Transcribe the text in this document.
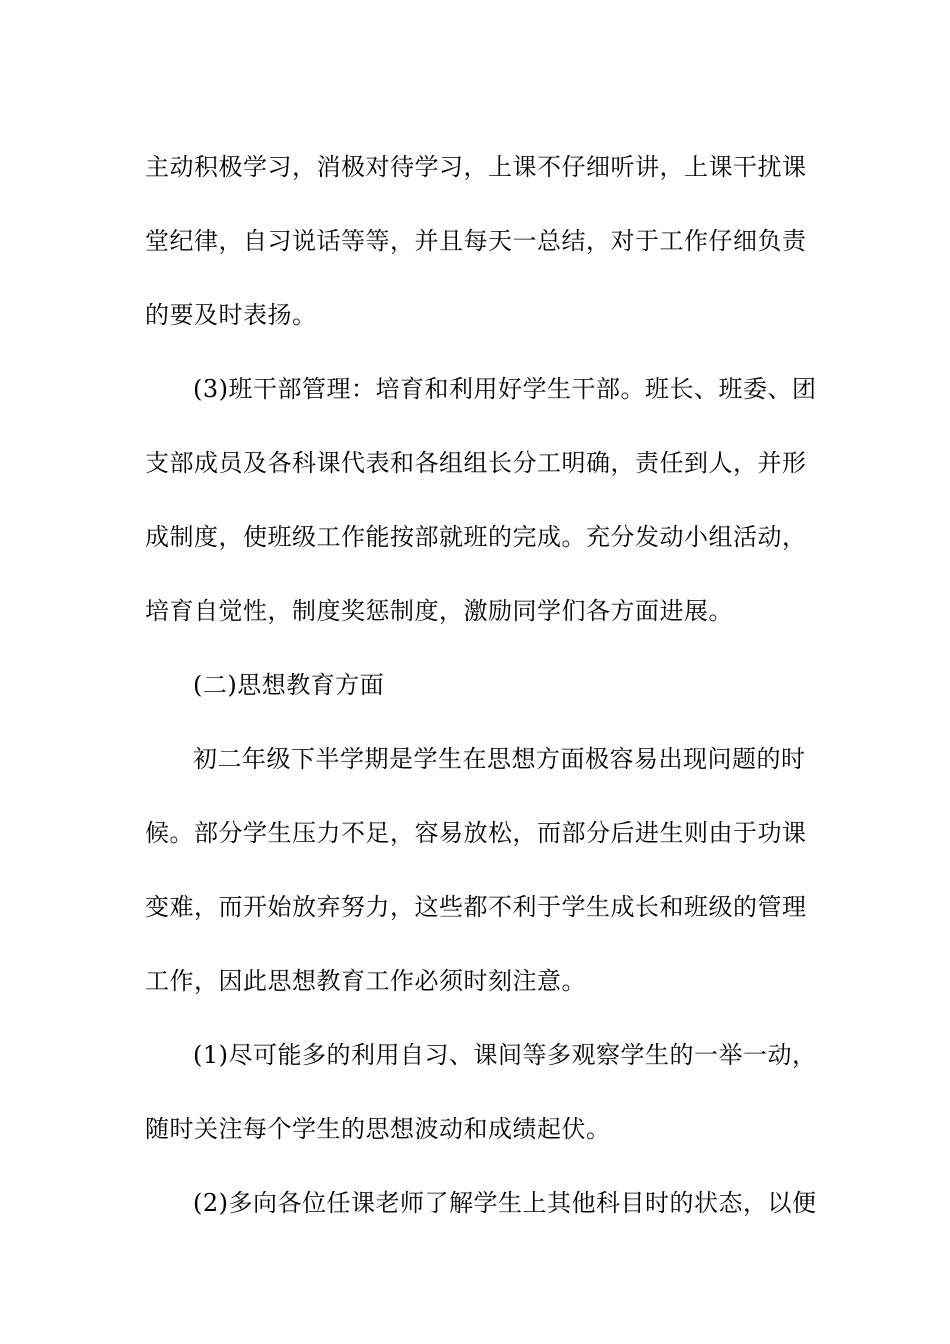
主动积极学习，消极对待学习，上课不仔细听讲，上课干扰课
堂纪律，自习说话等等，并且每天一总结，对于工作仔细负责
的要及时表扬。
(3)班干部管理：培育和利用好学生干部。班长、班委、团
支部成员及各科课代表和各组组长分工明确，责任到人，并形
成制度，使班级工作能按部就班的完成。充分发动小组活动，
培育自觉性，制度奖惩制度，激励同学们各方面进展。
(二)思想教育方面
初二年级下半学期是学生在思想方面极容易出现问题的时
候。部分学生压力不足，容易放松，而部分后进生则由于功课
变难，而开始放弃努力，这些都不利于学生成长和班级的管理
工作，因此思想教育工作必须时刻注意。
(1)尽可能多的利用自习、课间等多观察学生的一举一动，
随时关注每个学生的思想波动和成绩起伏。
(2)多向各位任课老师了解学生上其他科目时的状态，以便
